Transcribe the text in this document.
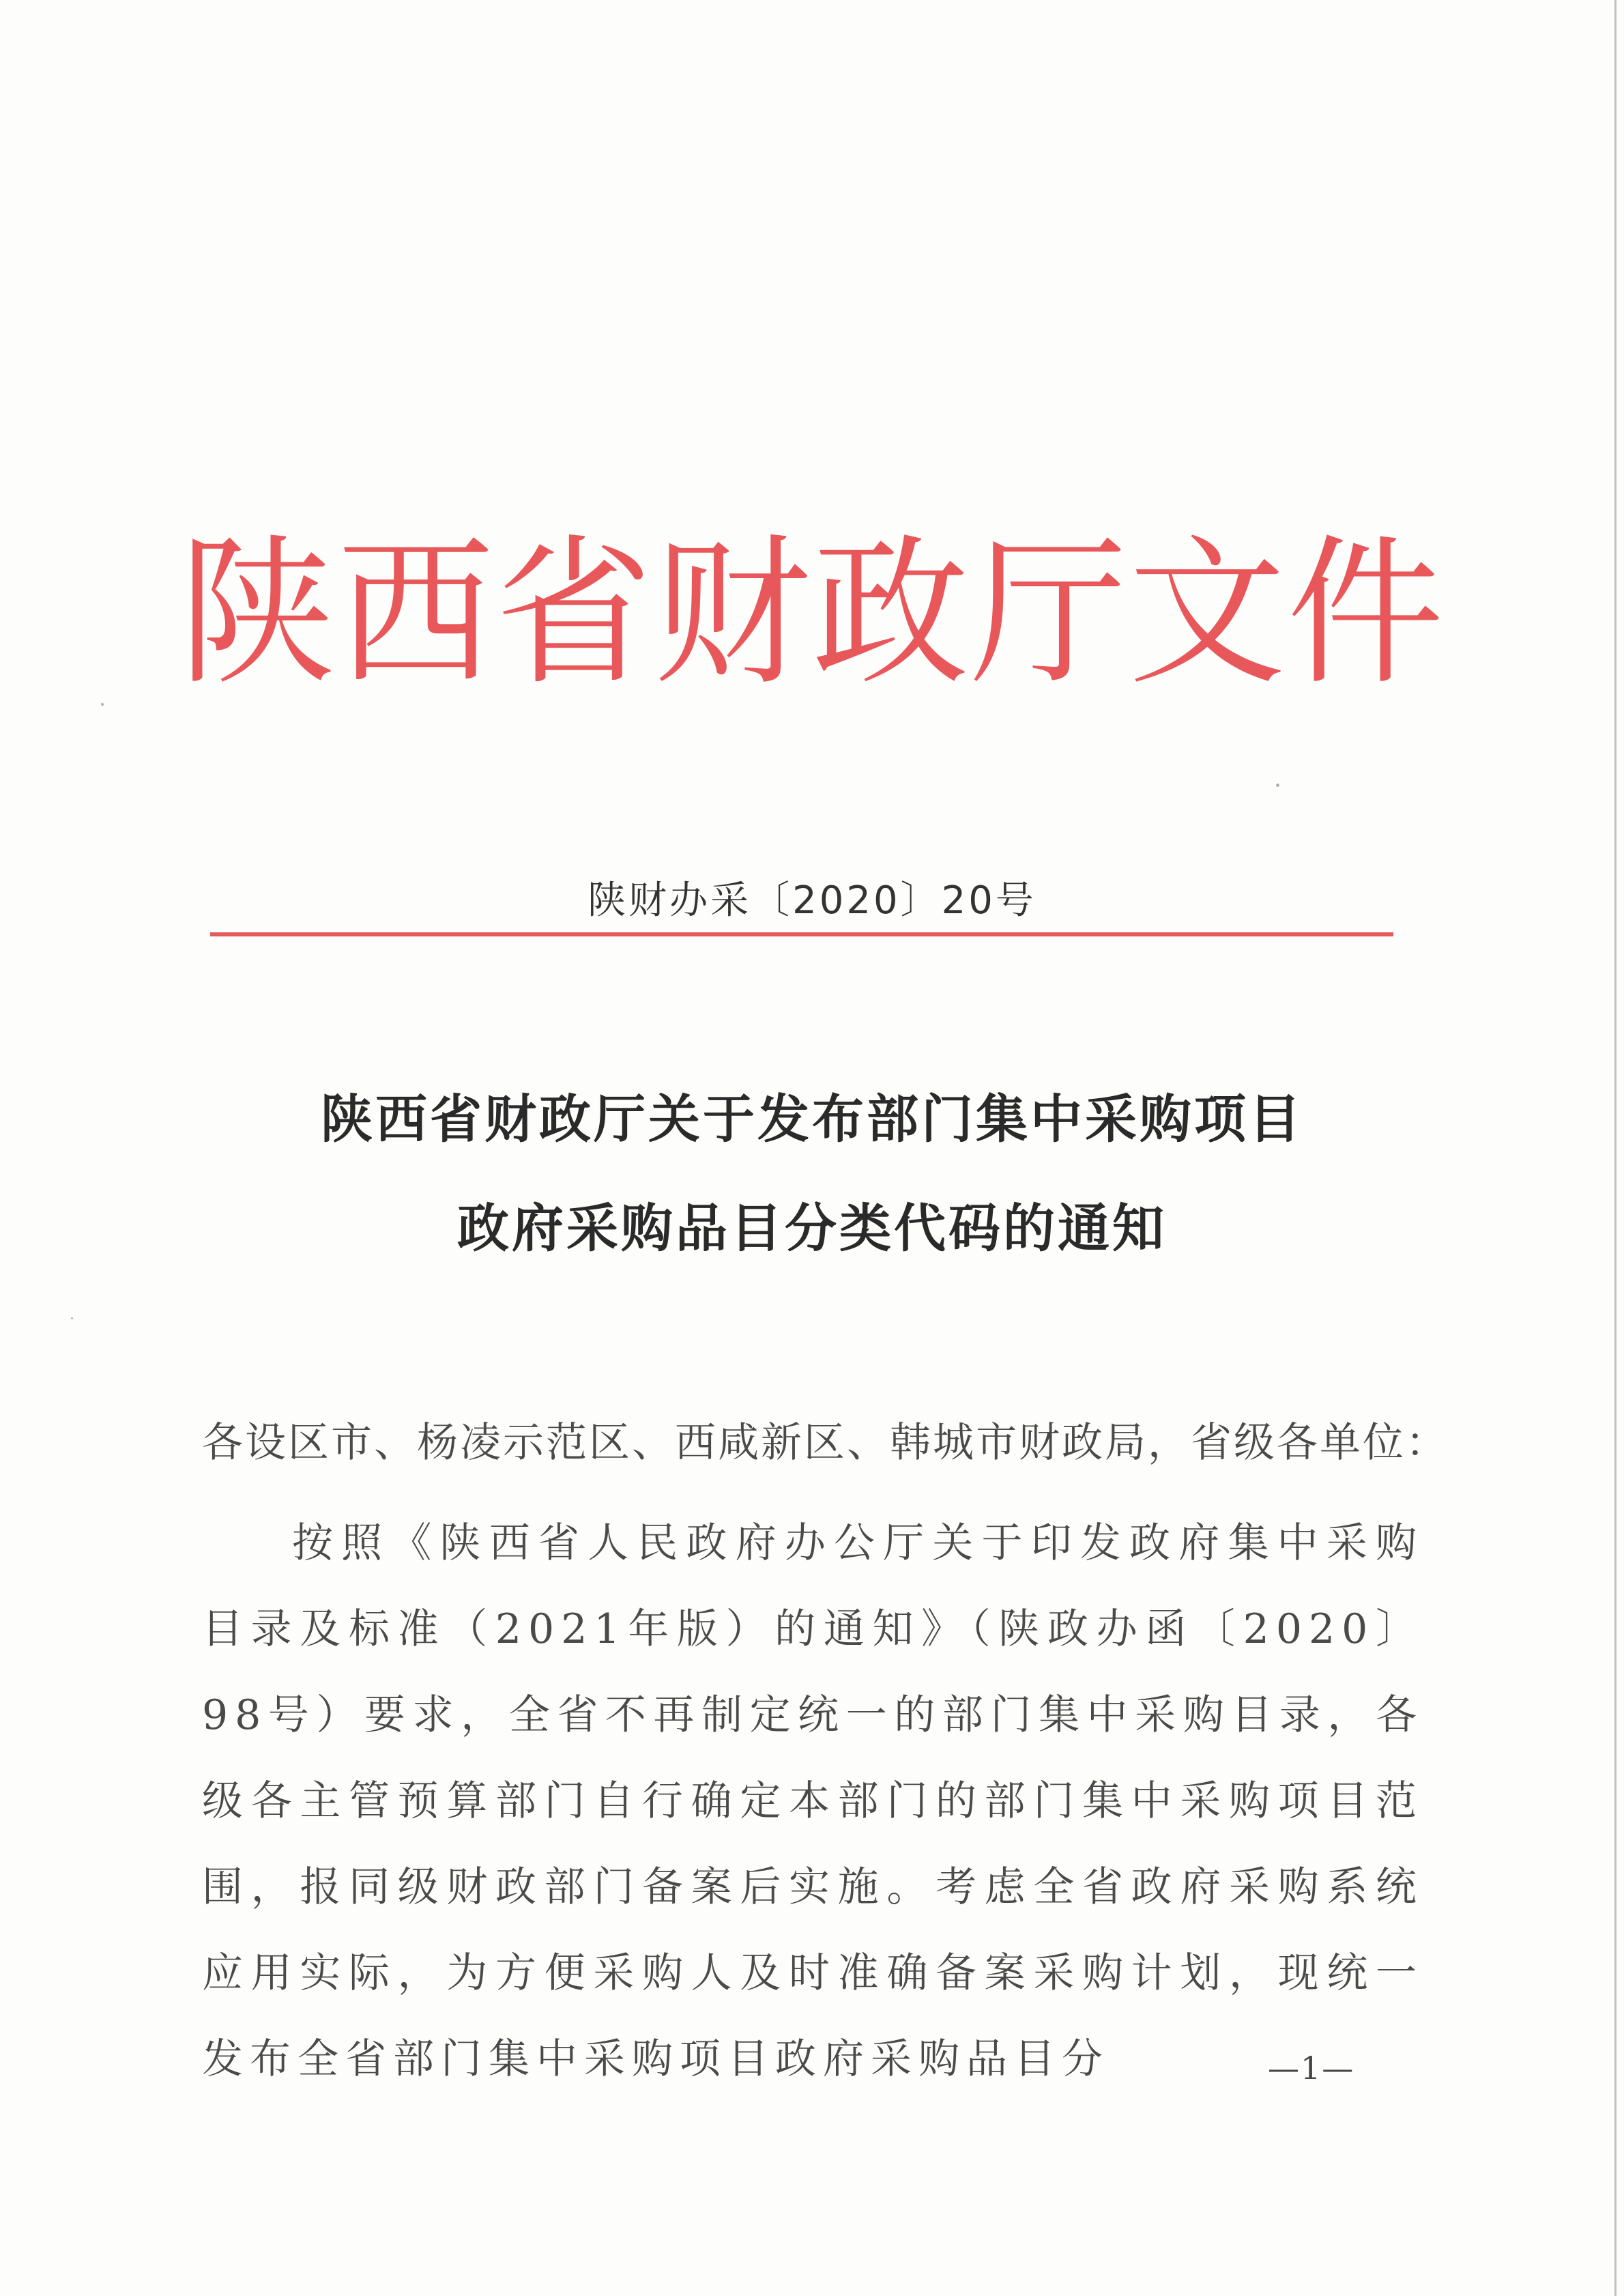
陕西省财政厅文件
陕财办采〔2020〕20号
陕西省财政厅关于发布部门集中采购项目
政府采购品目分类代码的通知
各设区市、杨凌示范区、西咸新区、韩城市财政局，省级各单位：
按照《陕西省人民政府办公厅关于印发政府集中采购目录及标准（2021年版）的通知》（陕政办函〔2020〕98号）要求，全省不再制定统一的部门集中采购目录，各级各主管预算部门自行确定本部门的部门集中采购项目范围，报同级财政部门备案后实施。考虑全省政府采购系统应用实际，为方便采购人及时准确备案采购计划，现统一发布全省部门集中采购项目政府采购品目分	—1—
